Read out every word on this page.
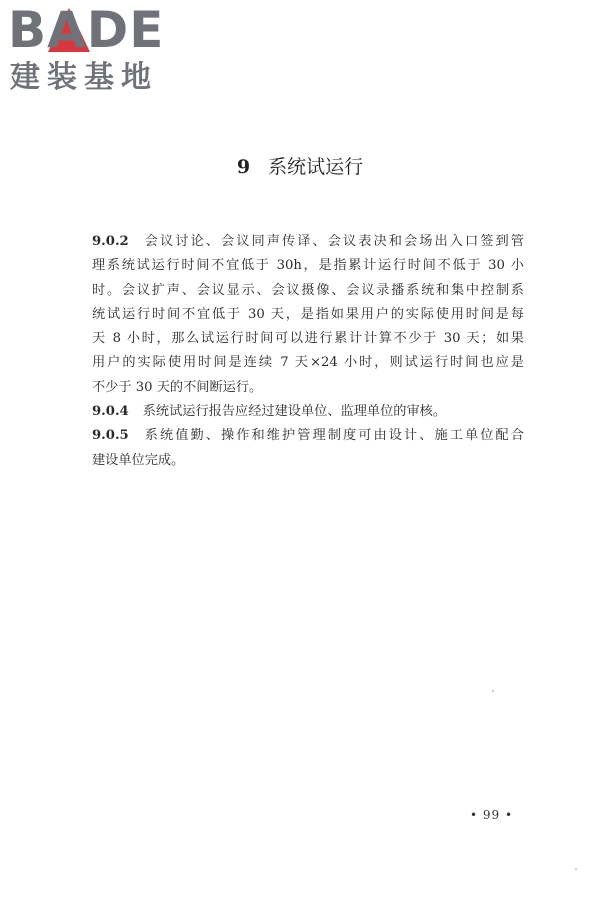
BADE
建装基地
9 系统试运行
9.0.2 会议讨论、会议同声传译、会议表决和会场出入口签到管
理系统试运行时间不宜低于 30h，是指累计运行时间不低于 30 小
时。会议扩声、会议显示、会议摄像、会议录播系统和集中控制系
统试运行时间不宜低于 30 天，是指如果用户的实际使用时间是每
天 8 小时，那么试运行时间可以进行累计计算不少于 30 天；如果
用户的实际使用时间是连续 7 天×24 小时，则试运行时间也应是
不少于 30 天的不间断运行。
9.0.4 系统试运行报告应经过建设单位、监理单位的审核。
9.0.5 系统值勤、操作和维护管理制度可由设计、施工单位配合
建设单位完成。
• 99 •
